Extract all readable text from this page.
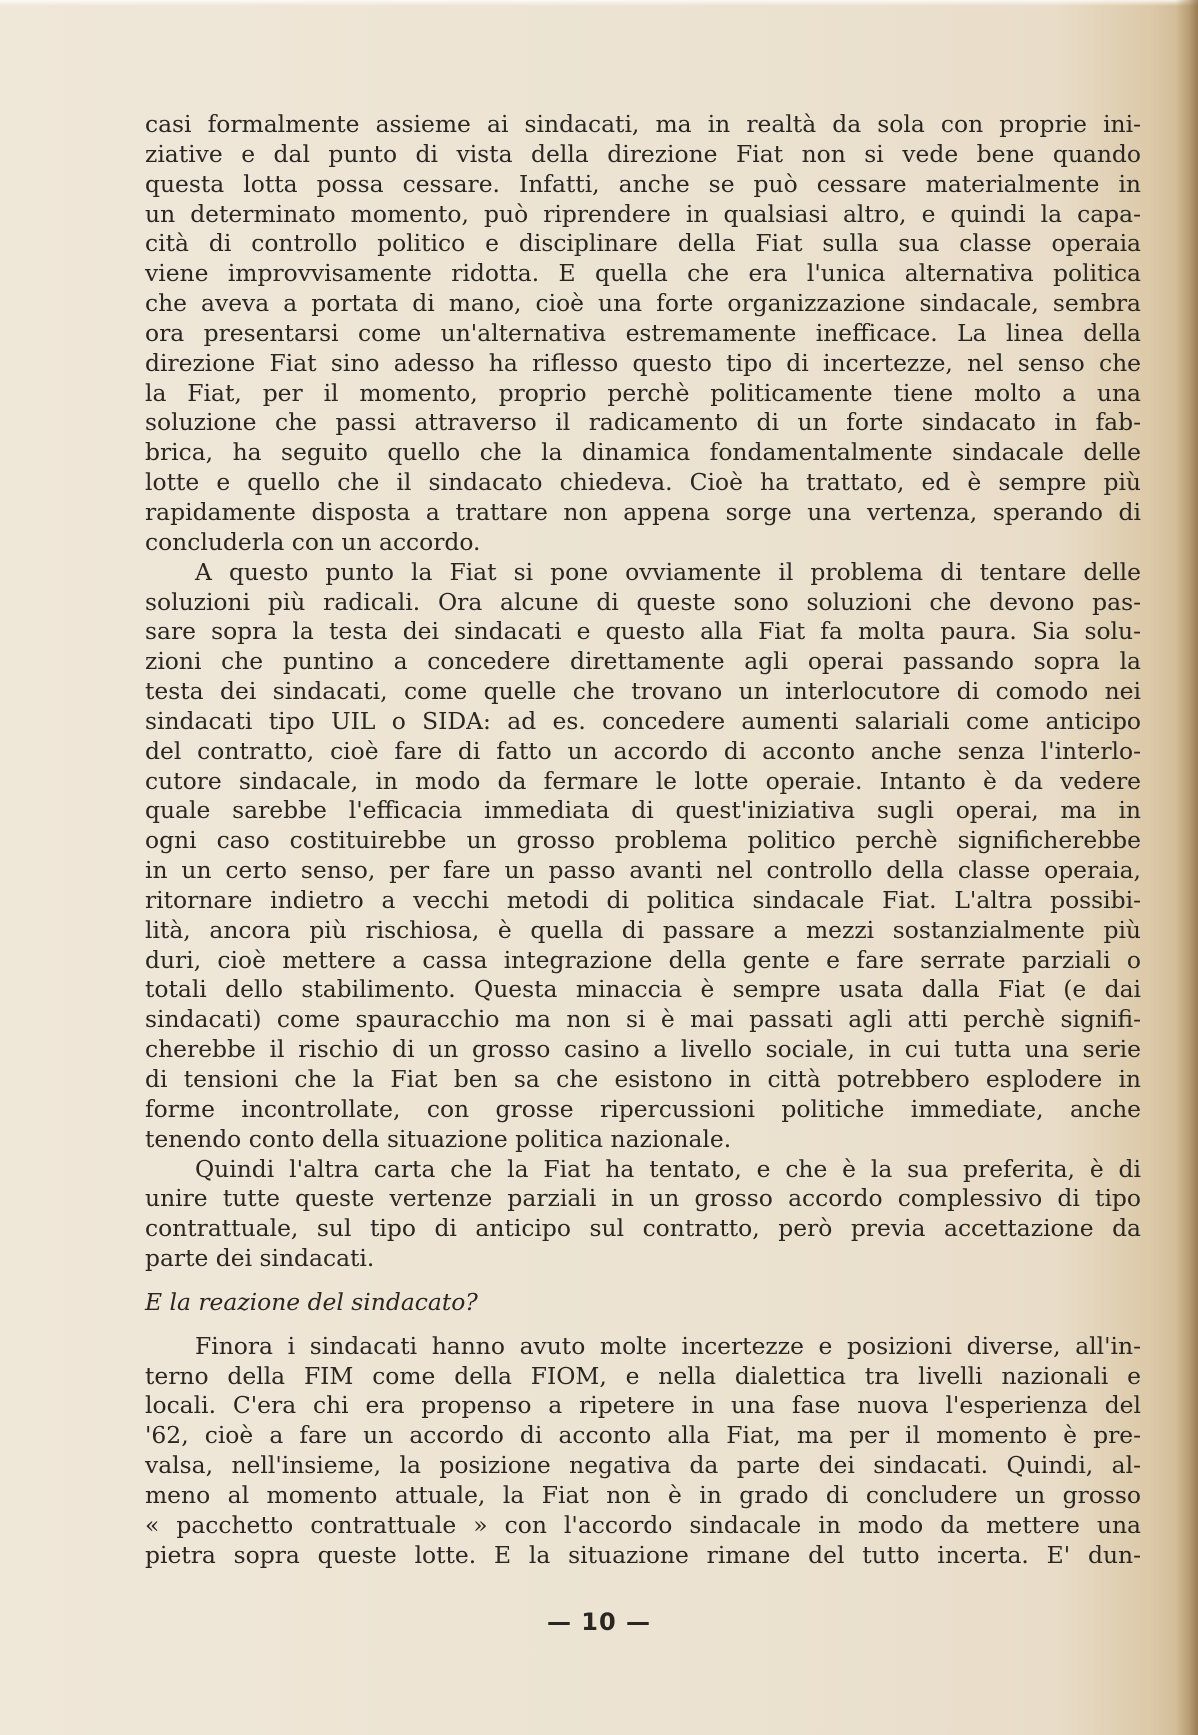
casi formalmente assieme ai sindacati, ma in realtà da sola con proprie ini-
ziative e dal punto di vista della direzione Fiat non si vede bene quando
questa lotta possa cessare. Infatti, anche se può cessare materialmente in
un determinato momento, può riprendere in qualsiasi altro, e quindi la capa-
cità di controllo politico e disciplinare della Fiat sulla sua classe operaia
viene improvvisamente ridotta. E quella che era l'unica alternativa politica
che aveva a portata di mano, cioè una forte organizzazione sindacale, sembra
ora presentarsi come un'alternativa estremamente inefficace. La linea della
direzione Fiat sino adesso ha riflesso questo tipo di incertezze, nel senso che
la Fiat, per il momento, proprio perchè politicamente tiene molto a una
soluzione che passi attraverso il radicamento di un forte sindacato in fab-
brica, ha seguito quello che la dinamica fondamentalmente sindacale delle
lotte e quello che il sindacato chiedeva. Cioè ha trattato, ed è sempre più
rapidamente disposta a trattare non appena sorge una vertenza, sperando di
concluderla con un accordo.
A questo punto la Fiat si pone ovviamente il problema di tentare delle
soluzioni più radicali. Ora alcune di queste sono soluzioni che devono pas-
sare sopra la testa dei sindacati e questo alla Fiat fa molta paura. Sia solu-
zioni che puntino a concedere direttamente agli operai passando sopra la
testa dei sindacati, come quelle che trovano un interlocutore di comodo nei
sindacati tipo UIL o SIDA: ad es. concedere aumenti salariali come anticipo
del contratto, cioè fare di fatto un accordo di acconto anche senza l'interlo-
cutore sindacale, in modo da fermare le lotte operaie. Intanto è da vedere
quale sarebbe l'efficacia immediata di quest'iniziativa sugli operai, ma in
ogni caso costituirebbe un grosso problema politico perchè significherebbe
in un certo senso, per fare un passo avanti nel controllo della classe operaia,
ritornare indietro a vecchi metodi di politica sindacale Fiat. L'altra possibi-
lità, ancora più rischiosa, è quella di passare a mezzi sostanzialmente più
duri, cioè mettere a cassa integrazione della gente e fare serrate parziali o
totali dello stabilimento. Questa minaccia è sempre usata dalla Fiat (e dai
sindacati) come spauracchio ma non si è mai passati agli atti perchè signifi-
cherebbe il rischio di un grosso casino a livello sociale, in cui tutta una serie
di tensioni che la Fiat ben sa che esistono in città potrebbero esplodere in
forme incontrollate, con grosse ripercussioni politiche immediate, anche
tenendo conto della situazione politica nazionale.
Quindi l'altra carta che la Fiat ha tentato, e che è la sua preferita, è di
unire tutte queste vertenze parziali in un grosso accordo complessivo di tipo
contrattuale, sul tipo di anticipo sul contratto, però previa accettazione da
parte dei sindacati.
E la reazione del sindacato?
Finora i sindacati hanno avuto molte incertezze e posizioni diverse, all'in-
terno della FIM come della FIOM, e nella dialettica tra livelli nazionali e
locali. C'era chi era propenso a ripetere in una fase nuova l'esperienza del
'62, cioè a fare un accordo di acconto alla Fiat, ma per il momento è pre-
valsa, nell'insieme, la posizione negativa da parte dei sindacati. Quindi, al-
meno al momento attuale, la Fiat non è in grado di concludere un grosso
« pacchetto contrattuale » con l'accordo sindacale in modo da mettere una
pietra sopra queste lotte. E la situazione rimane del tutto incerta. E' dun-
— 10 —
